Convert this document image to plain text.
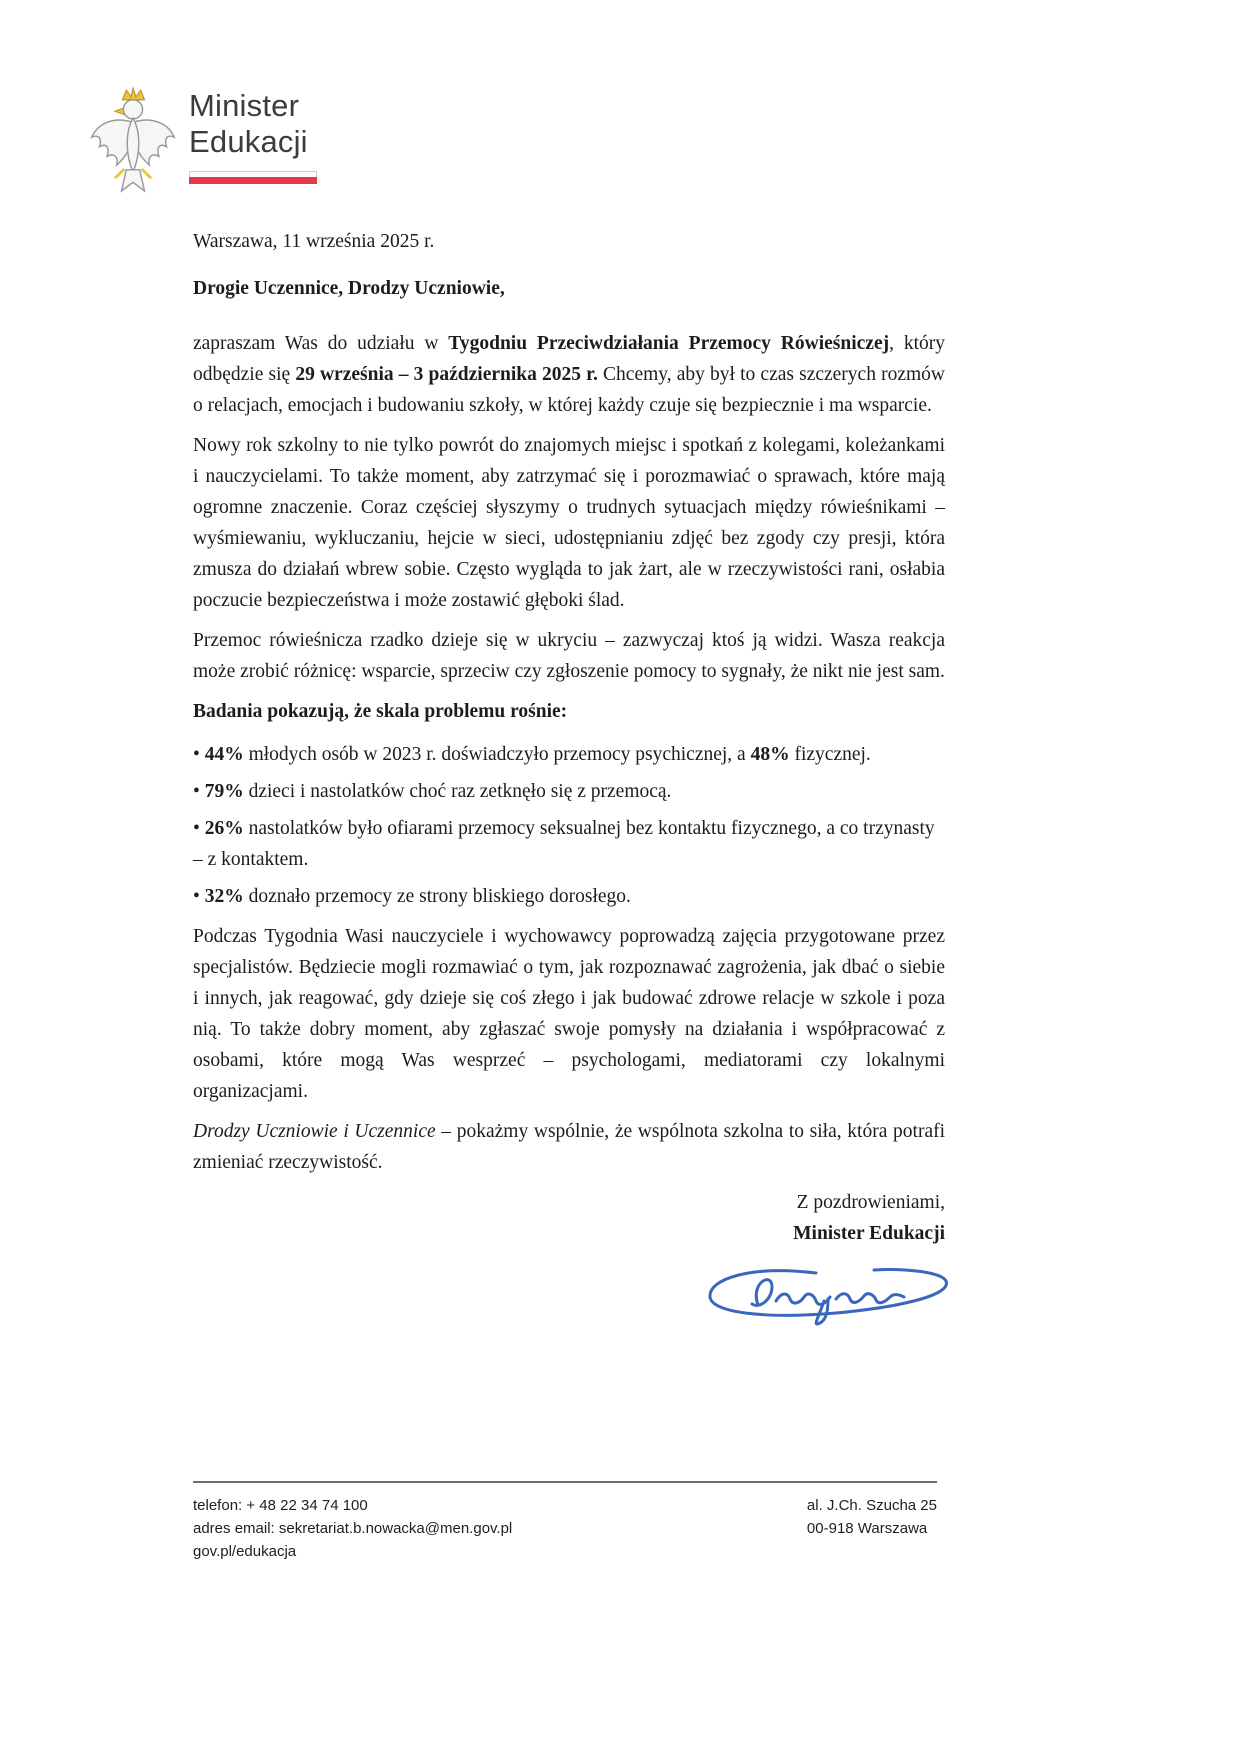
Minister
Edukacji
Warszawa, 11 września 2025 r.
Drogie Uczennice, Drodzy Uczniowie,

zapraszam Was do udziału w Tygodniu Przeciwdziałania Przemocy Rówieśniczej, który odbędzie się 29 września – 3 października 2025 r. Chcemy, aby był to czas szczerych rozmów o relacjach, emocjach i budowaniu szkoły, w której każdy czuje się bezpiecznie i ma wsparcie.

Nowy rok szkolny to nie tylko powrót do znajomych miejsc i spotkań z kolegami, koleżankami i nauczycielami. To także moment, aby zatrzymać się i porozmawiać o sprawach, które mają ogromne znaczenie. Coraz częściej słyszymy o trudnych sytuacjach między rówieśnikami – wyśmiewaniu, wykluczaniu, hejcie w sieci, udostępnianiu zdjęć bez zgody czy presji, która zmusza do działań wbrew sobie. Często wygląda to jak żart, ale w rzeczywistości rani, osłabia poczucie bezpieczeństwa i może zostawić głęboki ślad.

Przemoc rówieśnicza rzadko dzieje się w ukryciu – zazwyczaj ktoś ją widzi. Wasza reakcja może zrobić różnicę: wsparcie, sprzeciw czy zgłoszenie pomocy to sygnały, że nikt nie jest sam.

Badania pokazują, że skala problemu rośnie:

• 44% młodych osób w 2023 r. doświadczyło przemocy psychicznej, a 48% fizycznej.

• 79% dzieci i nastolatków choć raz zetknęło się z przemocą.

• 26% nastolatków było ofiarami przemocy seksualnej bez kontaktu fizycznego, a co trzynasty – z kontaktem.

• 32% doznało przemocy ze strony bliskiego dorosłego.

Podczas Tygodnia Wasi nauczyciele i wychowawcy poprowadzą zajęcia przygotowane przez specjalistów. Będziecie mogli rozmawiać o tym, jak rozpoznawać zagrożenia, jak dbać o siebie i innych, jak reagować, gdy dzieje się coś złego i jak budować zdrowe relacje w szkole i poza nią. To także dobry moment, aby zgłaszać swoje pomysły na działania i współpracować z osobami, które mogą Was wesprzeć – psychologami, mediatorami czy lokalnymi organizacjami.

Drodzy Uczniowie i Uczennice – pokażmy wspólnie, że wspólnota szkolna to siła, która potrafi zmieniać rzeczywistość.

Z pozdrowieniami,
Minister Edukacji
telefon: + 48 22 34 74 100
adres email: sekretariat.b.nowacka@men.gov.pl
gov.pl/edukacja
al. J.Ch. Szucha 25
00-918 Warszawa
